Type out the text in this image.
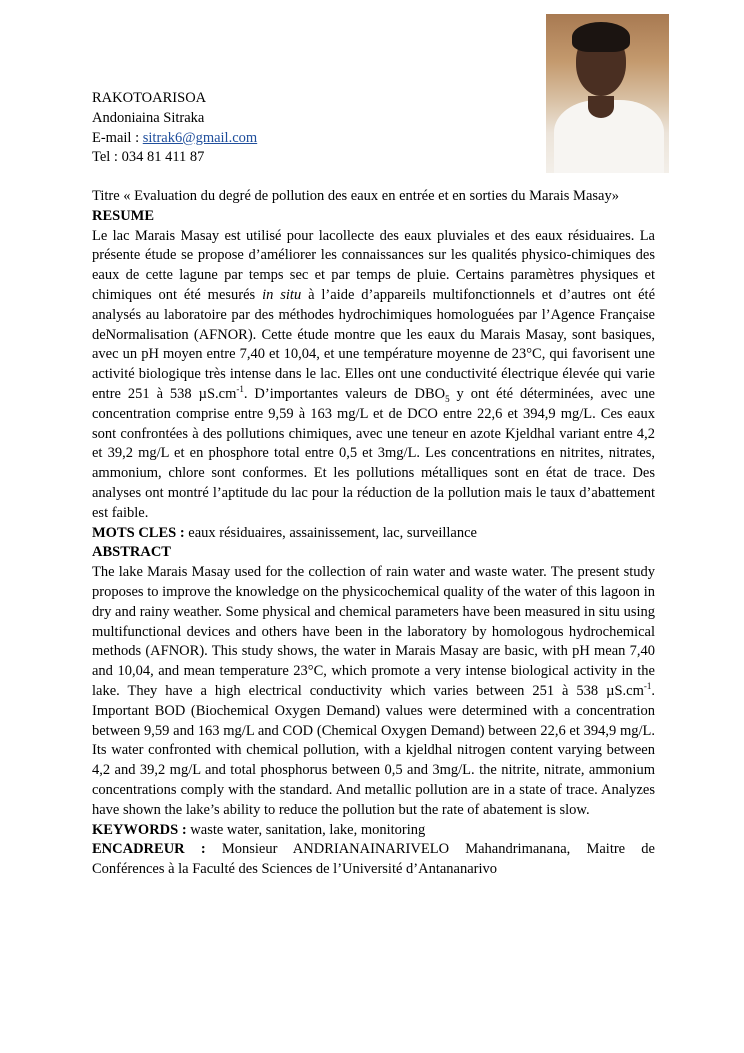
RAKOTOARISOA
Andoniaina Sitraka
E-mail : sitrak6@gmail.com
Tel : 034 81 411 87

Titre « Evaluation du degré de pollution des eaux en entrée et en sorties du Marais Masay»

RESUME

Le lac Marais Masay est utilisé pour lacollecte des eaux pluviales et des eaux résiduaires. La présente étude se propose d’améliorer les connaissances sur les qualités physico-chimiques des eaux de cette lagune par temps sec et par temps de pluie. Certains paramètres physiques et chimiques ont été mesurés in situ à l’aide d’appareils multifonctionnels et d’autres ont été analysés au laboratoire par des méthodes hydrochimiques homologuées par l’Agence Française deNormalisation (AFNOR). Cette étude montre que les eaux du Marais Masay, sont basiques, avec un pH moyen entre 7,40 et 10,04, et une température moyenne de 23°C, qui favorisent une activité biologique très intense dans le lac. Elles ont une conductivité électrique élevée qui varie entre 251 à 538 $\mu S.cm^{-1}$. D’importantes valeurs de $DBO_5$ y ont été déterminées, avec une concentration comprise entre 9,59 à 163 mg/L et de DCO entre 22,6 et 394,9 mg/L. Ces eaux sont confrontées à des pollutions chimiques, avec une teneur en azote Kjeldhal variant entre 4,2 et 39,2 mg/L et en phosphore total entre 0,5 et 3mg/L. Les concentrations en nitrites, nitrates, ammonium, chlore sont conformes. Et les pollutions métalliques sont en état de trace. Des analyses ont montré l’aptitude du lac pour la réduction de la pollution mais le taux d’abattement est faible.

MOTS CLES : eaux résiduaires, assainissement, lac, surveillance

ABSTRACT

The lake Marais Masay used for the collection of rain water and waste water. The present study proposes to improve the knowledge on the physicochemical quality of the water of this lagoon in dry and rainy weather. Some physical and chemical parameters have been measured in situ using multifunctional devices and others have been in the laboratory by homologous hydrochemical methods (AFNOR). This study shows, the water in Marais Masay are basic, with pH mean 7,40 and 10,04, and mean temperature 23°C, which promote a very intense biological activity in the lake. They have a high electrical conductivity which varies between 251 à 538 $\mu S.cm^{-1}$. Important BOD (Biochemical Oxygen Demand) values were determined with a concentration between 9,59 and 163 mg/L and COD (Chemical Oxygen Demand) between 22,6 et 394,9 mg/L. Its water confronted with chemical pollution, with a kjeldhal nitrogen content varying between 4,2 and 39,2 mg/L and total phosphorus between 0,5 and 3mg/L. the nitrite, nitrate, ammonium concentrations comply with the standard. And metallic pollution are in a state of trace. Analyzes have shown the lake’s ability to reduce the pollution but the rate of abatement is slow.

KEYWORDS : waste water, sanitation, lake, monitoring

ENCADREUR : Monsieur ANDRIANAINARIVELO Mahandrimanana, Maitre de Conférences à la Faculté des Sciences de l’Université d’Antananarivo
